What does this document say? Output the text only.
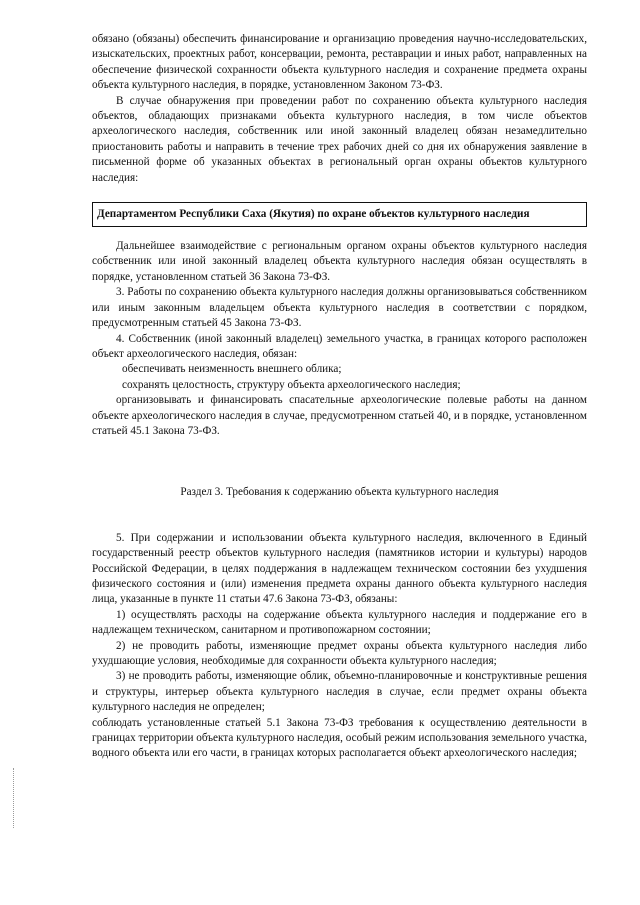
обязано (обязаны) обеспечить финансирование и организацию проведения научно-исследовательских, изыскательских, проектных работ, консервации, ремонта, реставрации и иных работ, направленных на обеспечение физической сохранности объекта культурного наследия и сохранение предмета охраны объекта культурного наследия, в порядке, установленном Законом 73-ФЗ.

В случае обнаружения при проведении работ по сохранению объекта культурного наследия объектов, обладающих признаками объекта культурного наследия, в том числе объектов археологического наследия, собственник или иной законный владелец обязан незамедлительно приостановить работы и направить в течение трех рабочих дней со дня их обнаружения заявление в письменной форме об указанных объектах в региональный орган охраны объектов культурного наследия:

Департаментом Республики Саха (Якутия) по охране объектов культурного наследия

Дальнейшее взаимодействие с региональным органом охраны объектов культурного наследия собственник или иной законный владелец объекта культурного наследия обязан осуществлять в порядке, установленном статьей 36 Закона 73-ФЗ.

3. Работы по сохранению объекта культурного наследия должны организовываться собственником или иным законным владельцем объекта культурного наследия в соответствии с порядком, предусмотренным статьей 45 Закона 73-ФЗ.

4. Собственник (иной законный владелец) земельного участка, в границах которого расположен объект археологического наследия, обязан:

обеспечивать неизменность внешнего облика;

сохранять целостность, структуру объекта археологического наследия;

организовывать и финансировать спасательные археологические полевые работы на данном объекте археологического наследия в случае, предусмотренном статьей 40, и в порядке, установленном статьей 45.1 Закона 73-ФЗ.

Раздел 3. Требования к содержанию объекта культурного наследия

5. При содержании и использовании объекта культурного наследия, включенного в Единый государственный реестр объектов культурного наследия (памятников истории и культуры) народов Российской Федерации, в целях поддержания в надлежащем техническом состоянии без ухудшения физического состояния и (или) изменения предмета охраны данного объекта культурного наследия лица, указанные в пункте 11 статьи 47.6 Закона 73-ФЗ, обязаны:

1) осуществлять расходы на содержание объекта культурного наследия и поддержание его в надлежащем техническом, санитарном и противопожарном состоянии;

2) не проводить работы, изменяющие предмет охраны объекта культурного наследия либо ухудшающие условия, необходимые для сохранности объекта культурного наследия;

3) не проводить работы, изменяющие облик, объемно-планировочные и конструктивные решения и структуры, интерьер объекта культурного наследия в случае, если предмет охраны объекта культурного наследия не определен;

соблюдать установленные статьей 5.1 Закона 73-ФЗ требования к осуществлению деятельности в границах территории объекта культурного наследия, особый режим использования земельного участка, водного объекта или его части, в границах которых располагается объект археологического наследия;
